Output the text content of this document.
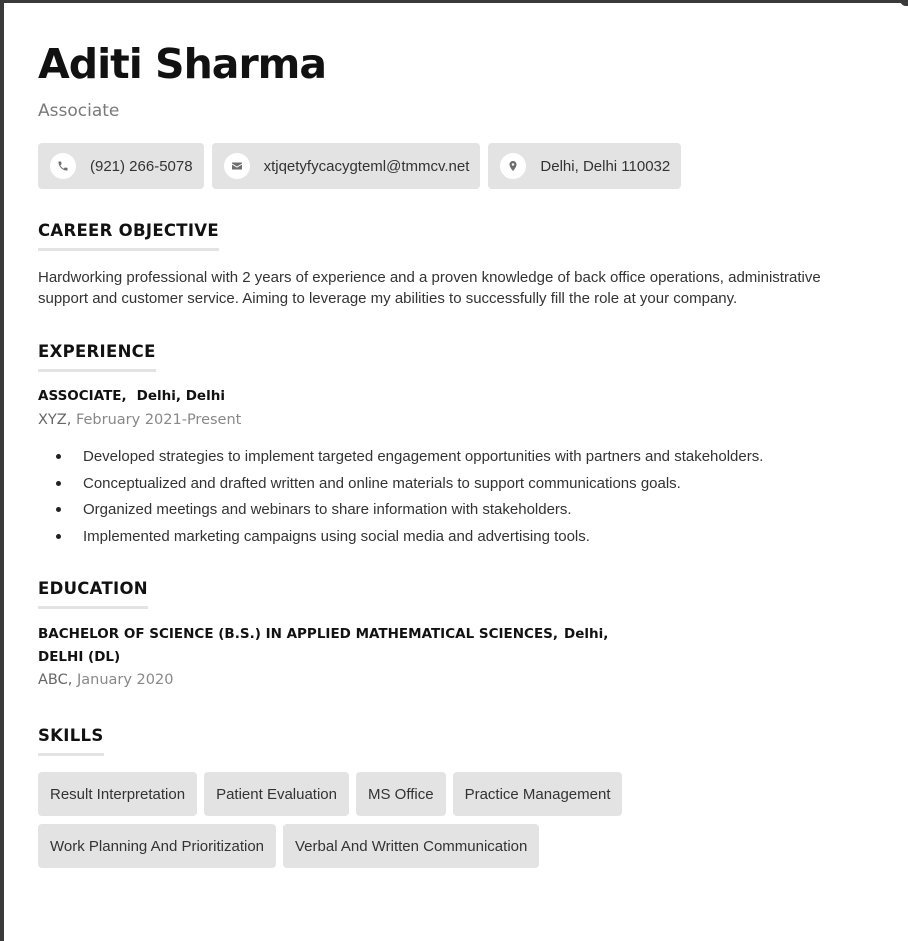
Aditi Sharma
Associate
(921) 266-5078	xtjqetyfycacygteml@tmmcv.net	Delhi, Delhi 110032
CAREER OBJECTIVE
Hardworking professional with 2 years of experience and a proven knowledge of back office operations, administrative support and customer service. Aiming to leverage my abilities to successfully fill the role at your company.
EXPERIENCE
ASSOCIATE, Delhi, Delhi
XYZ, February 2021-Present
Developed strategies to implement targeted engagement opportunities with partners and stakeholders.
Conceptualized and drafted written and online materials to support communications goals.
Organized meetings and webinars to share information with stakeholders.
Implemented marketing campaigns using social media and advertising tools.
EDUCATION
BACHELOR OF SCIENCE (B.S.) IN APPLIED MATHEMATICAL SCIENCES, Delhi, DELHI (DL)
ABC, January 2020
SKILLS
Result Interpretation	Patient Evaluation	MS Office	Practice Management
Work Planning And Prioritization	Verbal And Written Communication
